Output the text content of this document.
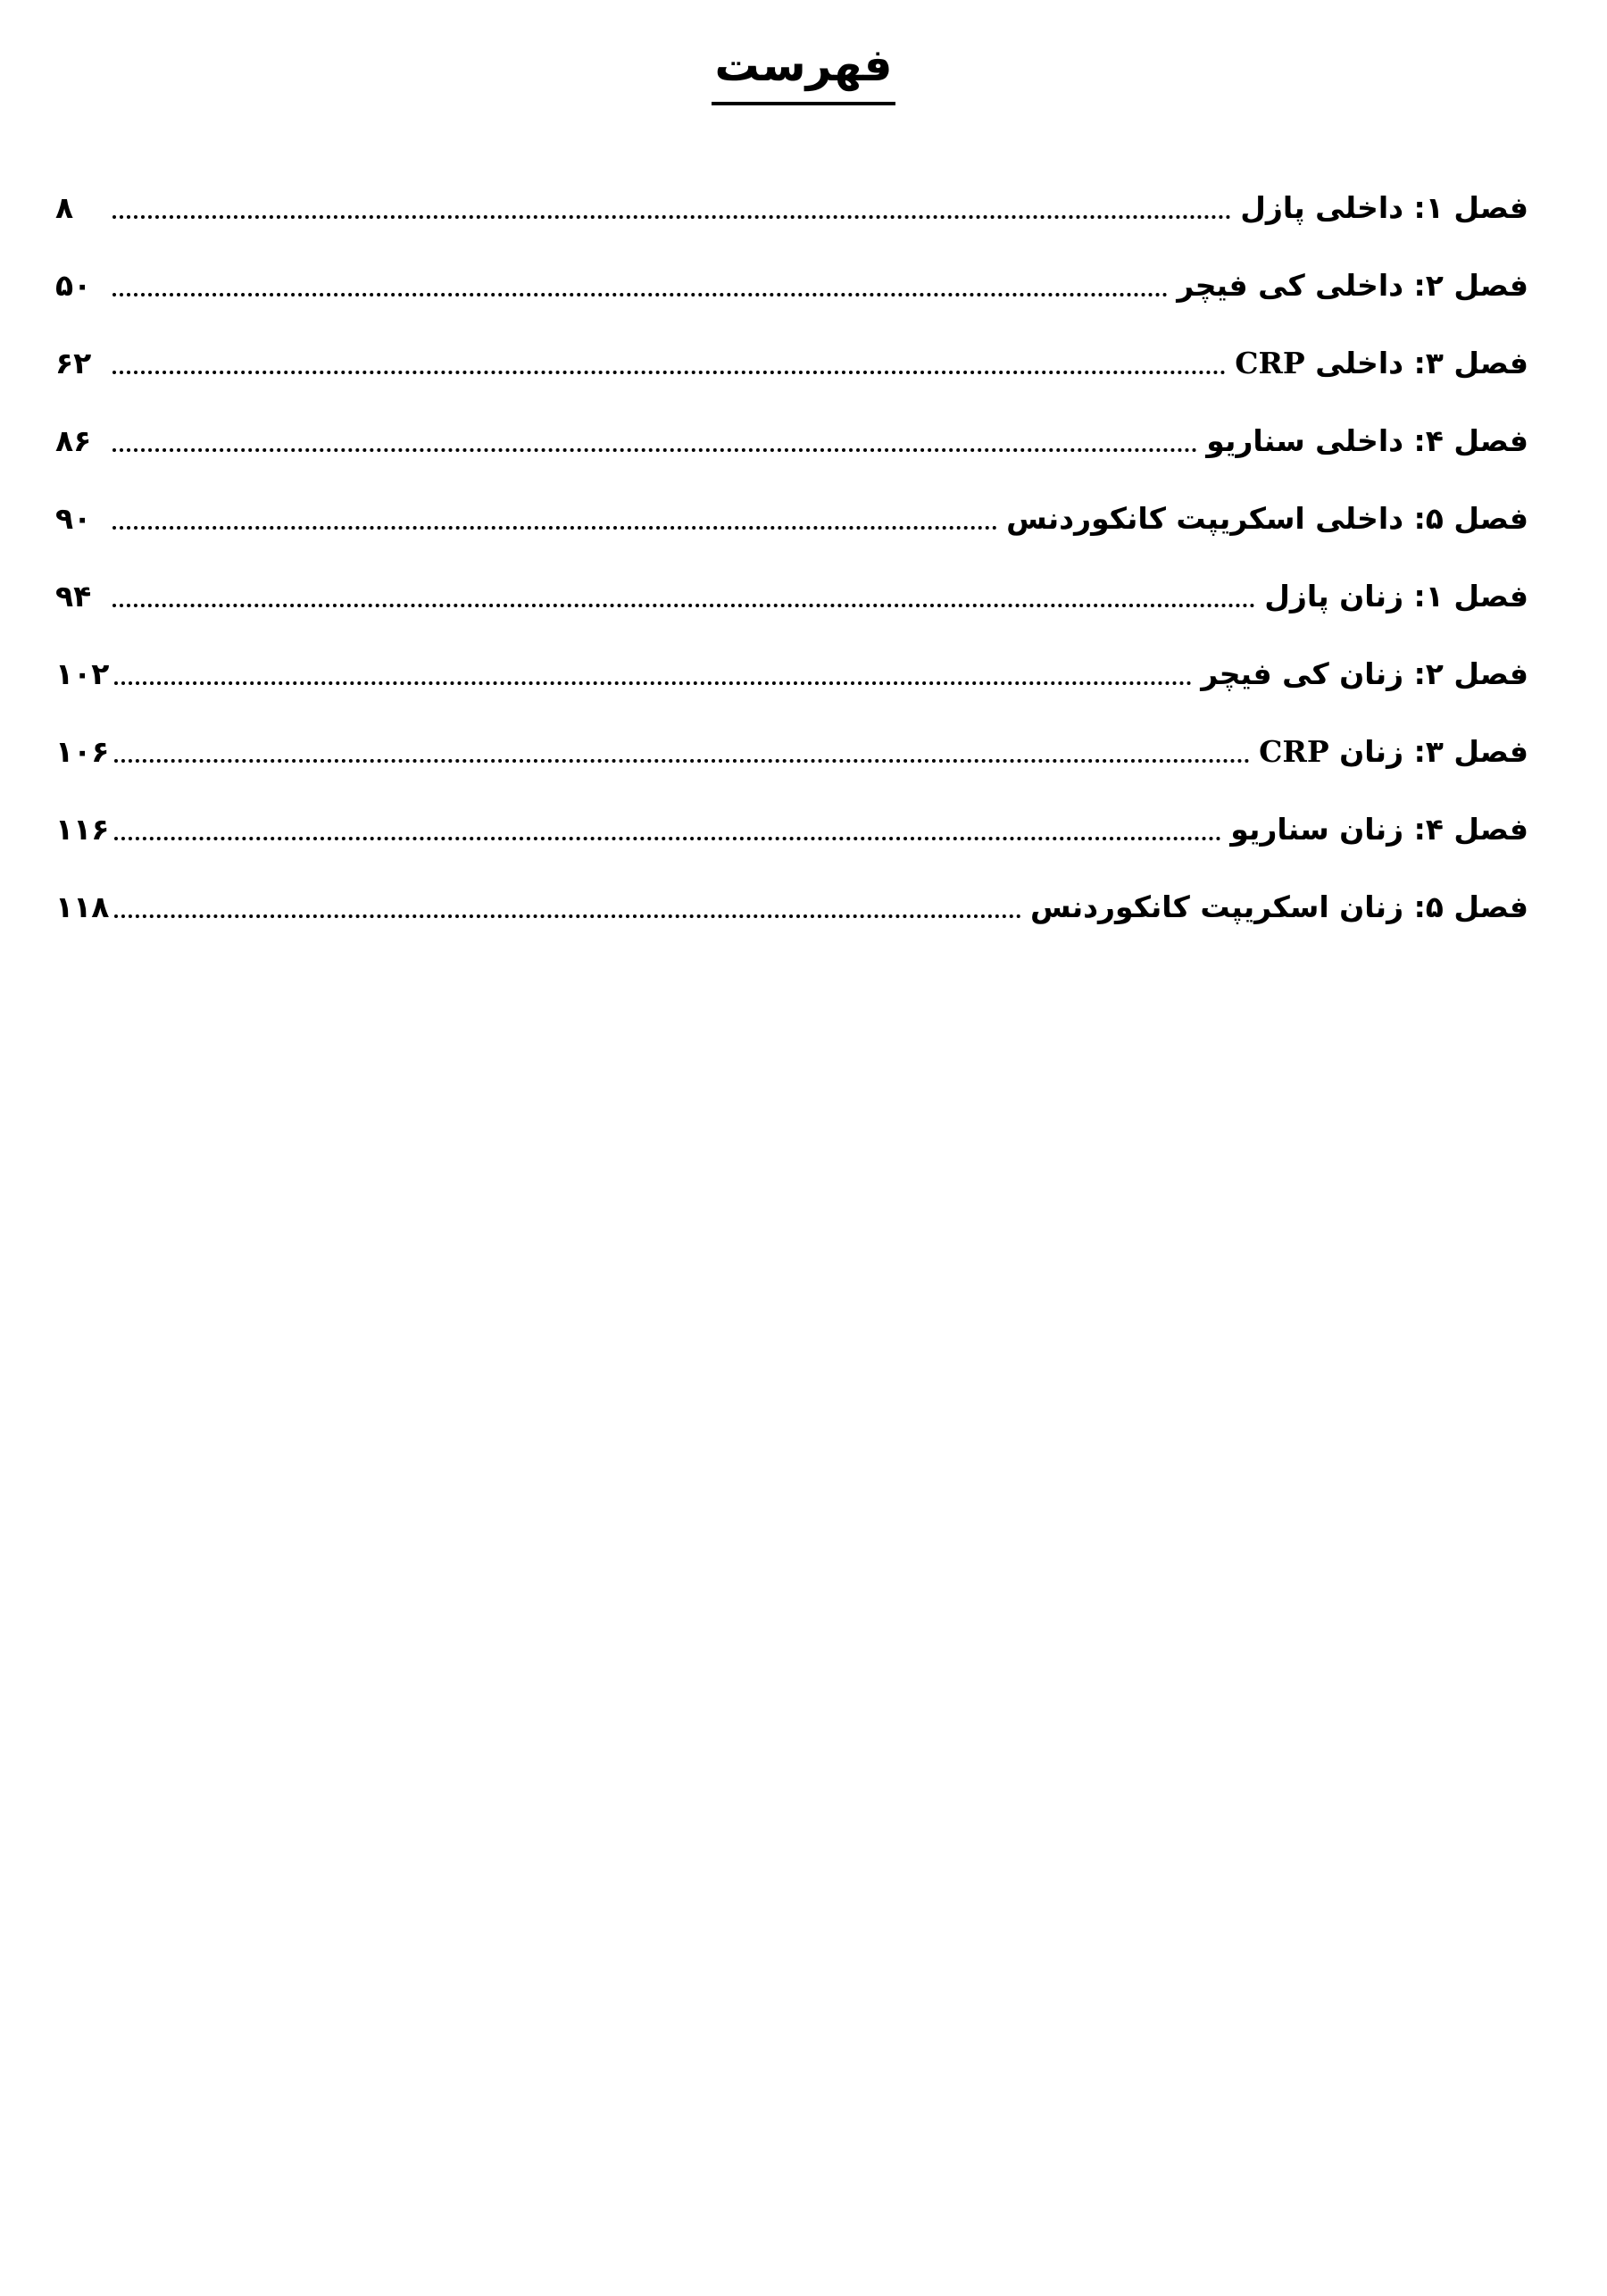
فهرست
فصل ۱: داخلی پازل
۸
فصل ۲: داخلی کی فیچر
۵۰
فصل ۳: داخلی CRP
۶۲
فصل ۴: داخلی سناریو
۸۶
فصل ۵: داخلی اسکریپت کانکوردنس
۹۰
فصل ۱: زنان پازل
۹۴
فصل ۲: زنان کی فیچر
۱۰۲
فصل ۳: زنان CRP
۱۰۶
فصل ۴: زنان سناریو
۱۱۶
فصل ۵: زنان اسکریپت کانکوردنس
۱۱۸
